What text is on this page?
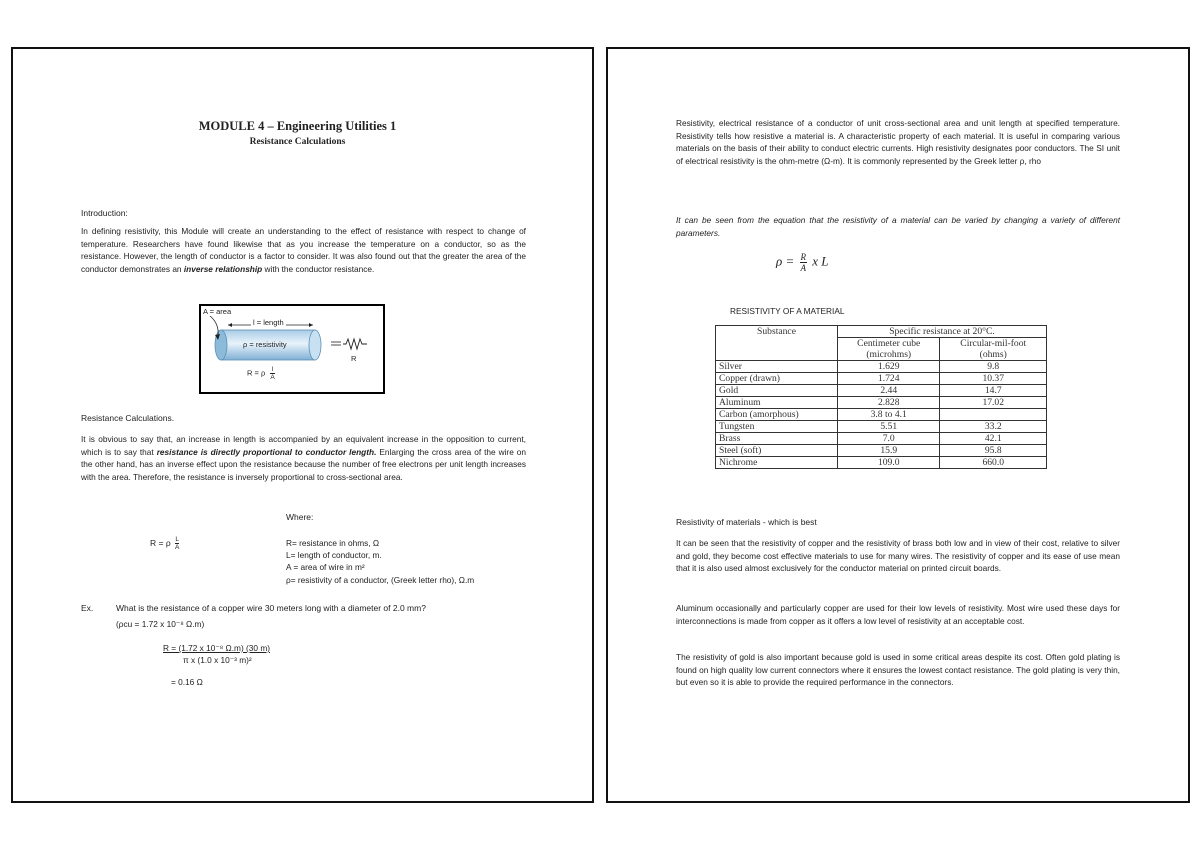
MODULE 4 – Engineering Utilities 1
Resistance Calculations
Introduction:
In defining resistivity, this Module will create an understanding to the effect of resistance with respect to change of temperature. Researchers have found likewise that as you increase the temperature on a conductor, so as the resistance. However, the length of conductor is a factor to consider. It was also found out that the greater the area of the conductor demonstrates an inverse relationship with the conductor resistance.
A = area
l = length
ρ = resistivity
R
R = ρ $\frac{l}{A}$
Resistance Calculations.
It is obvious to say that, an increase in length is accompanied by an equivalent increase in the opposition to current, which is to say that resistance is directly proportional to conductor length. Enlarging the cross area of the wire on the other hand, has an inverse effect upon the resistance because the number of free electrons per unit length increases with the area. Therefore, the resistance is inversely proportional to cross-sectional area.
Where:
R = ρ $\frac{L}{A}$	R= resistance in ohms, Ω
L= length of conductor, m.
A = area of wire in m²
ρ= resistivity of a conductor, (Greek letter rho), Ω.m
Ex.	What is the resistance of a copper wire 30 meters long with a diameter of 2.0 mm?
(ρcu = 1.72 x 10⁻⁸ Ω.m)
R = (1.72 x 10⁻⁸ Ω.m) (30 m)
π x (1.0 x 10⁻³ m)²
= 0.16 Ω
Resistivity, electrical resistance of a conductor of unit cross-sectional area and unit length at specified temperature. Resistivity tells how resistive a material is. A characteristic property of each material. It is useful in comparing various materials on the basis of their ability to conduct electric currents. High resistivity designates poor conductors. The SI unit of electrical resistivity is the ohm-metre (Ω-m). It is commonly represented by the Greek letter ρ, rho
It can be seen from the equation that the resistivity of a material can be varied by changing a variety of different parameters.
$\rho = \frac{R}{A}$ x L
RESISTIVITY OF A MATERIAL
Substance	Specific resistance at 20°C.	
	Centimeter cube	Circular-mil-foot
	(microhms)	(ohms)
Silver	1.629	9.8
Copper (drawn)	1.724	10.37
Gold	2.44	14.7
Aluminum	2.828	17.02
Carbon (amorphous)	3.8 to 4.1	
Tungsten	5.51	33.2
Brass	7.0	42.1
Steel (soft)	15.9	95.8
Nichrome	109.0	660.0
Resistivity of materials - which is best
It can be seen that the resistivity of copper and the resistivity of brass both low and in view of their cost, relative to silver and gold, they become cost effective materials to use for many wires. The resistivity of copper and its ease of use mean that it is also used almost exclusively for the conductor material on printed circuit boards.
Aluminum occasionally and particularly copper are used for their low levels of resistivity. Most wire used these days for interconnections is made from copper as it offers a low level of resistivity at an acceptable cost.
The resistivity of gold is also important because gold is used in some critical areas despite its cost. Often gold plating is found on high quality low current connectors where it ensures the lowest contact resistance. The gold plating is very thin, but even so it is able to provide the required performance in the connectors.
